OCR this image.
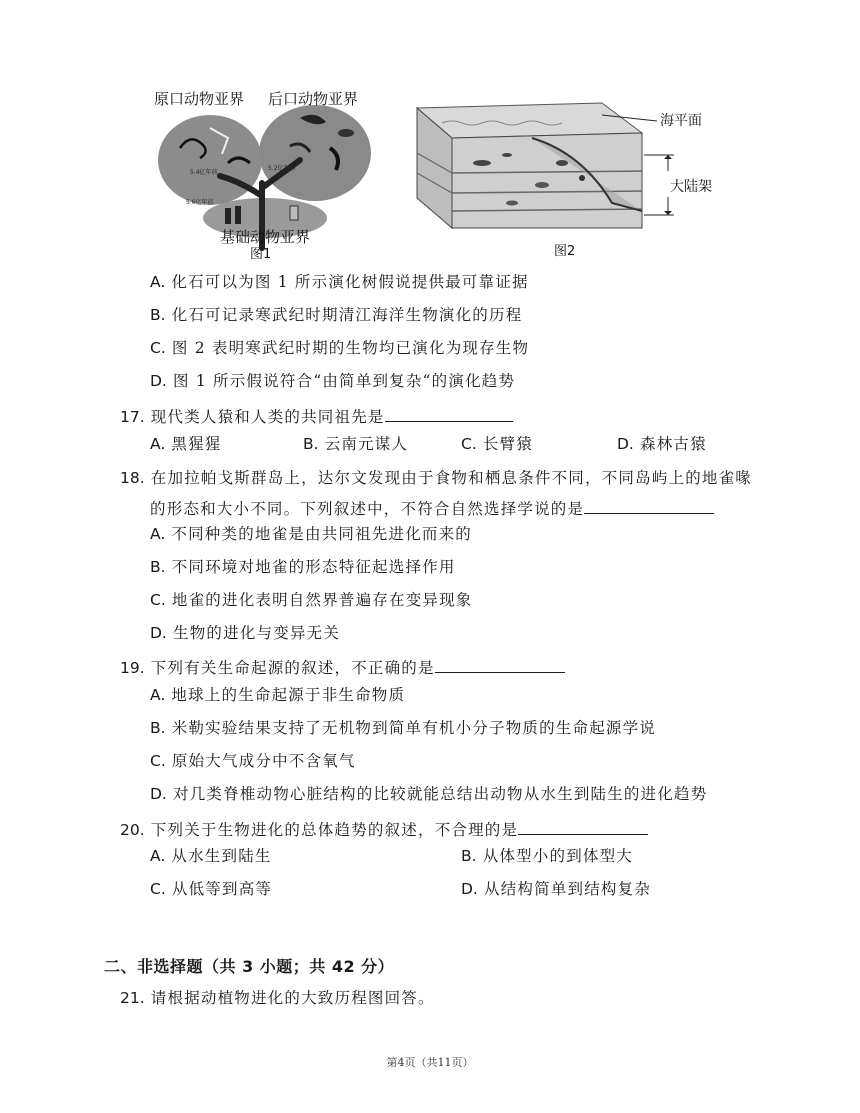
5.4亿年前
5.2亿年前
5.6亿年前
原口动物亚界 后口动物亚界
基础动物亚界
图1
海平面
大陆架
图2
A. 化石可以为图 1 所示演化树假说提供最可靠证据
B. 化石可记录寒武纪时期清江海洋生物演化的历程
C. 图 2 表明寒武纪时期的生物均已演化为现存生物
D. 图 1 所示假说符合“由简单到复杂“的演化趋势
17. 现代类人猿和人类的共同祖先是
A. 黑猩猩	B. 云南元谋人	C. 长臂猿	D. 森林古猿
18. 在加拉帕戈斯群岛上，达尔文发现由于食物和栖息条件不同，不同岛屿上的地雀喙
的形态和大小不同。下列叙述中，不符合自然选择学说的是
A. 不同种类的地雀是由共同祖先进化而来的
B. 不同环境对地雀的形态特征起选择作用
C. 地雀的进化表明自然界普遍存在变异现象
D. 生物的进化与变异无关
19. 下列有关生命起源的叙述，不正确的是
A. 地球上的生命起源于非生命物质
B. 米勒实验结果支持了无机物到简单有机小分子物质的生命起源学说
C. 原始大气成分中不含氧气
D. 对几类脊椎动物心脏结构的比较就能总结出动物从水生到陆生的进化趋势
20. 下列关于生物进化的总体趋势的叙述，不合理的是
A. 从水生到陆生	B. 从体型小的到体型大
C. 从低等到高等	D. 从结构简单到结构复杂
二、非选择题（共 3 小题；共 42 分）
21. 请根据动植物进化的大致历程图回答。
第4页（共11页）
